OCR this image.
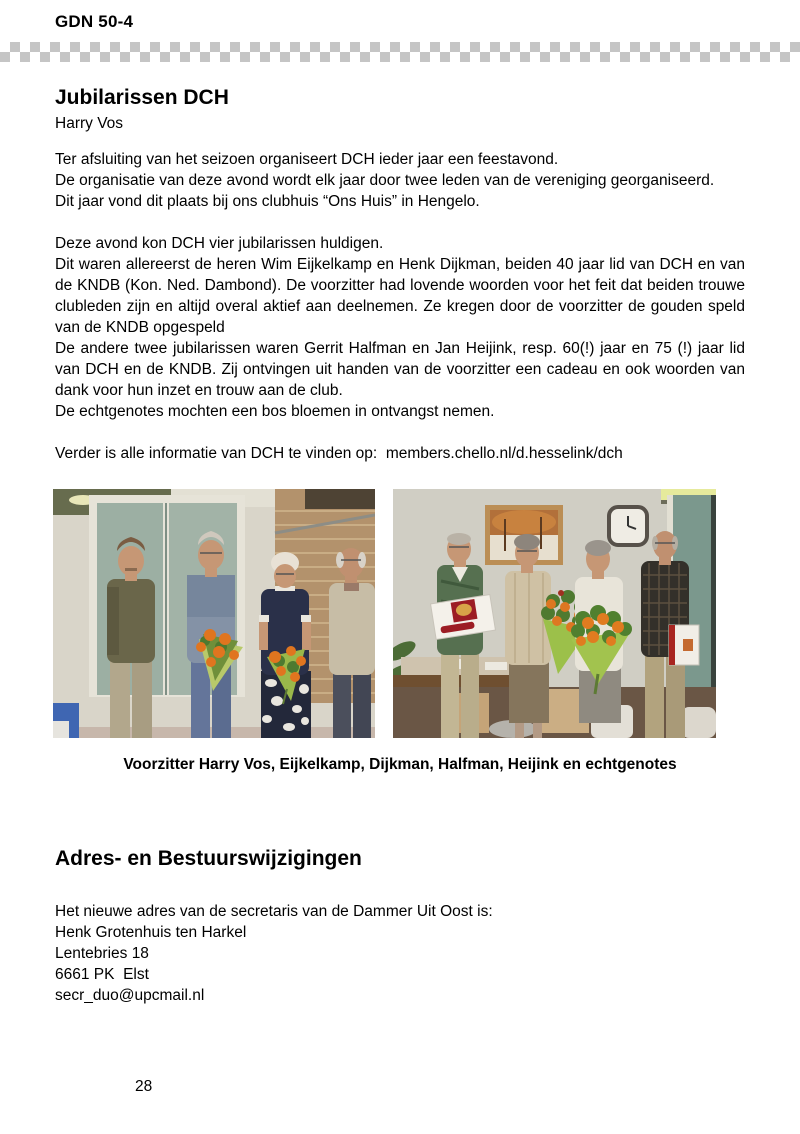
GDN 50-4
Jubilarissen DCH
Harry Vos

Ter afsluiting van het seizoen organiseert DCH ieder jaar een feestavond.

De organisatie van deze avond wordt elk jaar door twee leden van de vereniging georganiseerd.

Dit jaar vond dit plaats bij ons clubhuis “Ons Huis” in Hengelo.

Deze avond kon DCH vier jubilarissen huldigen.

Dit waren allereerst de heren Wim Eijkelkamp en Henk Dijkman, beiden 40 jaar lid van DCH en van de KNDB (Kon. Ned. Dambond). De voorzitter had lovende woorden voor het feit dat beiden trouwe clubleden zijn en altijd overal aktief aan deelnemen. Ze kregen door de voorzitter de gouden speld van de KNDB opgespeld

De andere twee jubilarissen waren Gerrit Halfman en Jan Heijink, resp. 60(!) jaar en 75 (!) jaar lid van DCH en de KNDB. Zij ontvingen uit handen van de voorzitter een cadeau en ook woorden van dank voor hun inzet en trouw aan de club.

De echtgenotes mochten een bos bloemen in ontvangst nemen.

Verder is alle informatie van DCH te vinden op:  members.chello.nl/d.hesselink/dch

Voorzitter Harry Vos, Eijkelkamp, Dijkman, Halfman, Heijink en echtgenotes
Adres- en Bestuurswijzigingen

Het nieuwe adres van de secretaris van de Dammer Uit Oost is:

Henk Grotenhuis ten Harkel

Lentebries 18

6661 PK  Elst

secr_duo@upcmail.nl

28
